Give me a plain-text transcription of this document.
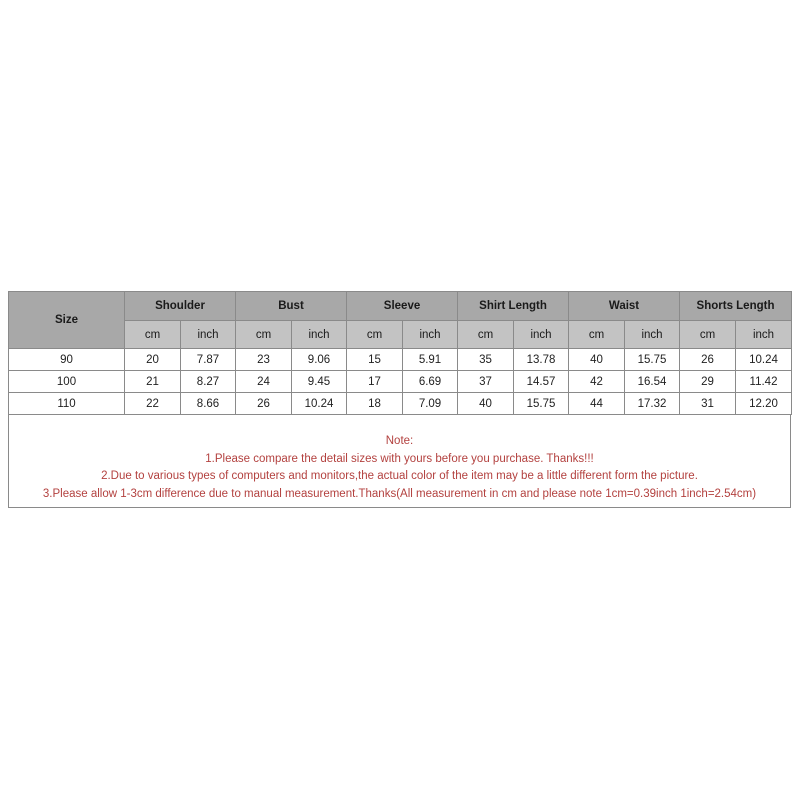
Size	Shoulder		Bust		Sleeve		Shirt Length		Waist		Shorts Length	
	cm	inch	cm	inch	cm	inch	cm	inch	cm	inch	cm	inch
90	20	7.87	23	9.06	15	5.91	35	13.78	40	15.75	26	10.24
100	21	8.27	24	9.45	17	6.69	37	14.57	42	16.54	29	11.42
110	22	8.66	26	10.24	18	7.09	40	15.75	44	17.32	31	12.20
Note:
1.Please compare the detail sizes with yours before you purchase. Thanks!!!
2.Due to various types of computers and monitors,the actual color of the item may be a little different form the picture.
3.Please allow 1-3cm difference due to manual measurement.Thanks(All measurement in cm and please note 1cm=0.39inch 1inch=2.54cm)
